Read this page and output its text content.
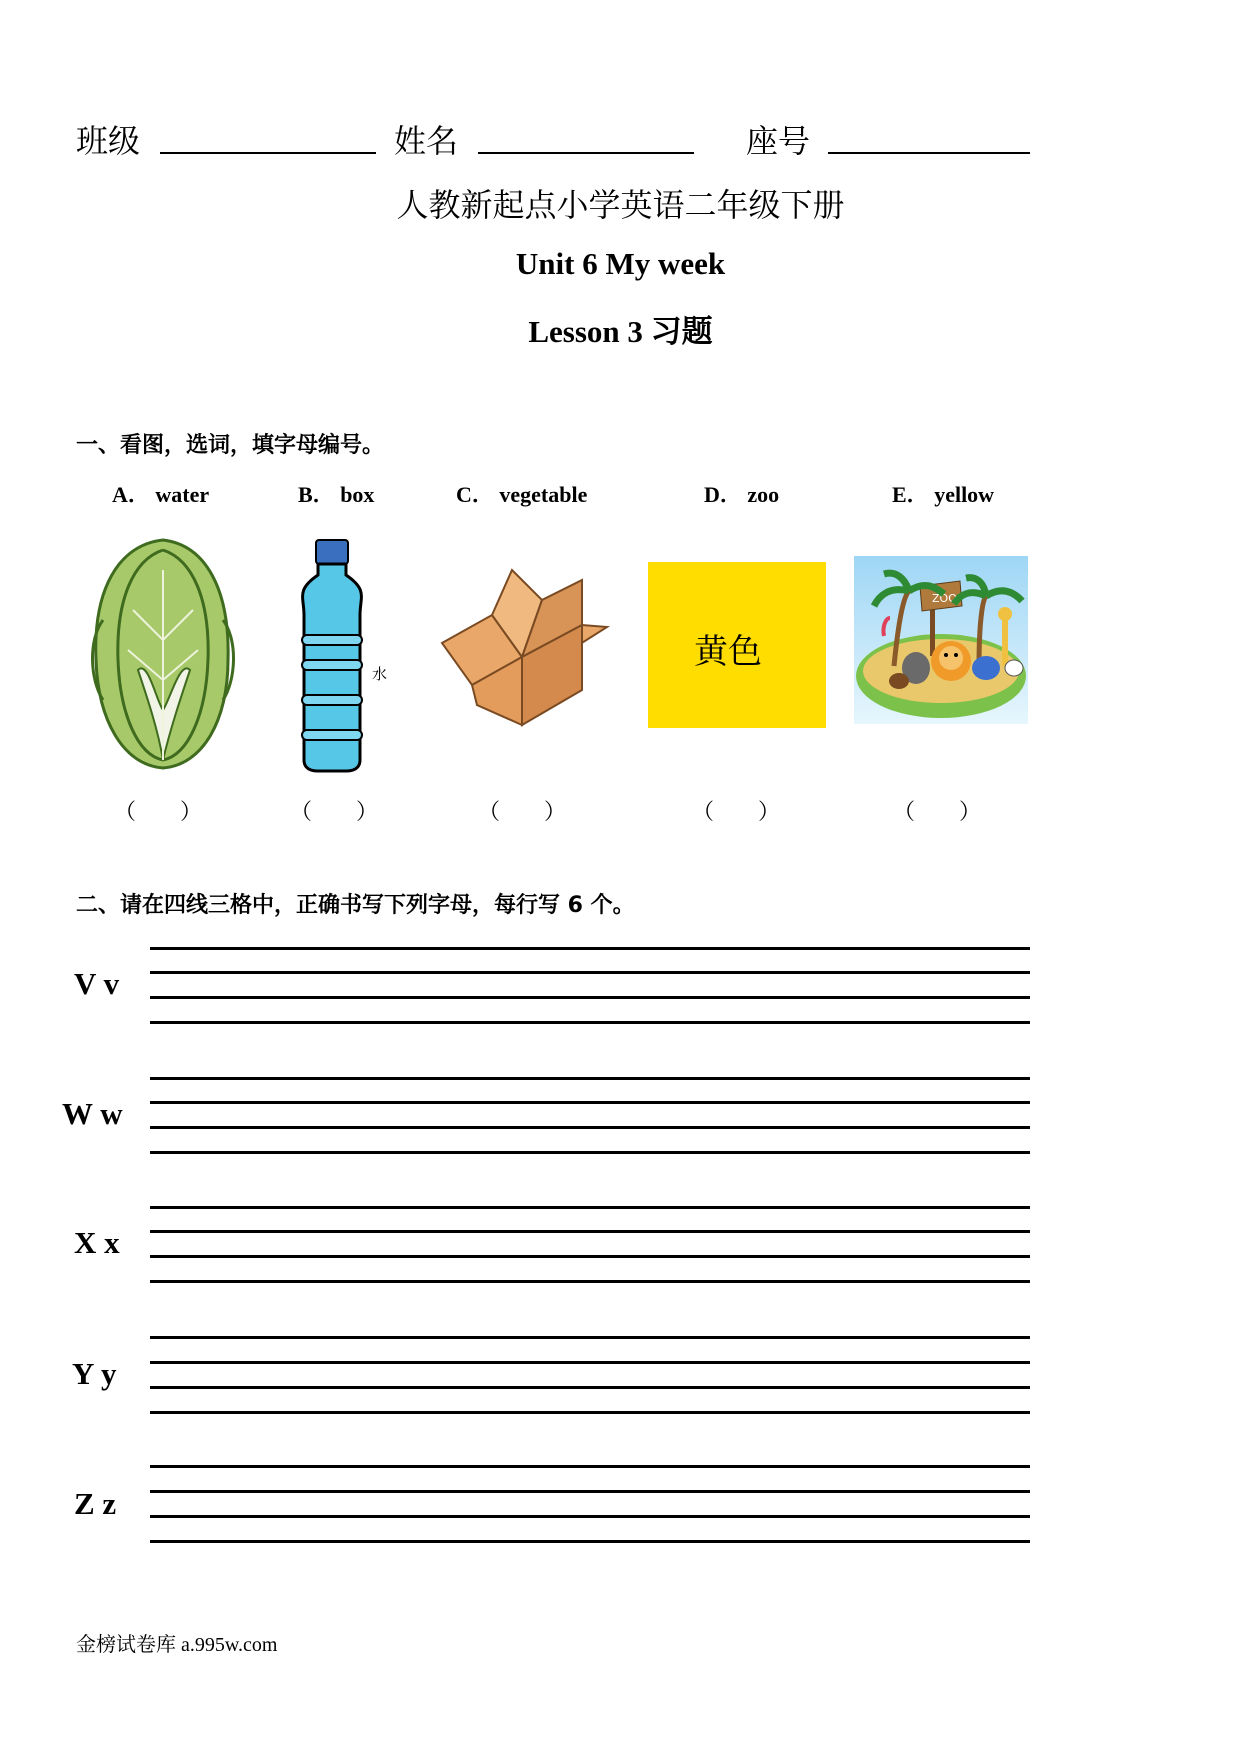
班级	姓名	座号
人教新起点小学英语二年级下册
Unit 6 My week
Lesson 3 习题
一、看图，选词，填字母编号。
A． water	B． box	C． vegetable	D． zoo	E． yellow
水
黄色
ZOO
（　　）	（　　）	（　　）	（　　）	（　　）
二、请在四线三格中，正确书写下列字母，每行写 6 个。
V v
W w
X x
Y y
Z z
金榜试卷库 a.995w.com
